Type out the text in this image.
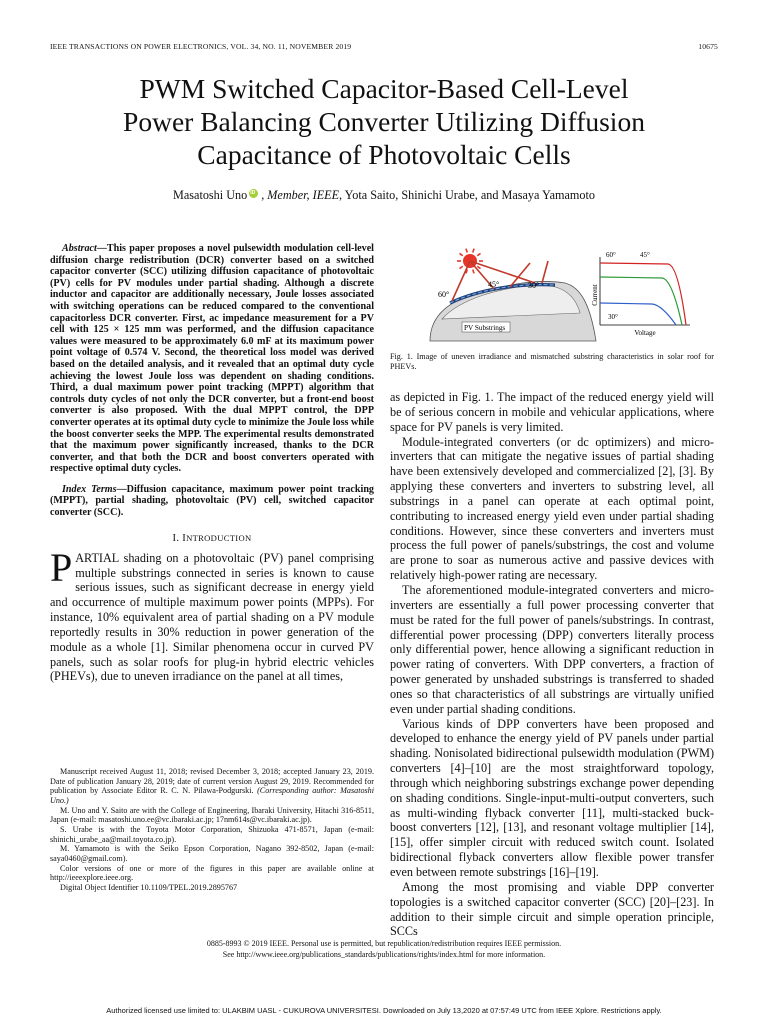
IEEE TRANSACTIONS ON POWER ELECTRONICS, VOL. 34, NO. 11, NOVEMBER 2019	10675
PWM Switched Capacitor-Based Cell-Level
Power Balancing Converter Utilizing Diffusion
Capacitance of Photovoltaic Cells
Masatoshi UnoiD , Member, IEEE, Yota Saito, Shinichi Urabe, and Masaya Yamamoto

Abstract—This paper proposes a novel pulsewidth modulation cell-level diffusion charge redistribution (DCR) converter based on a switched capacitor converter (SCC) utilizing diffusion capacitance of photovoltaic (PV) cells for PV modules under partial shading. Although a discrete inductor and capacitor are additionally necessary, Joule losses associated with switching operations can be reduced compared to the conventional capacitorless DCR converter. First, ac impedance measurement for a PV cell with 125 × 125 mm was performed, and the diffusion capacitance values were measured to be approximately 6.0 mF at its maximum power point voltage of 0.574 V. Second, the theoretical loss model was derived based on the detailed analysis, and it revealed that an optimal duty cycle achieving the lowest Joule loss was dependent on shading conditions. Third, a dual maximum power point tracking (MPPT) algorithm that controls duty cycles of not only the DCR converter, but a front-end boost converter is also proposed. With the dual MPPT control, the DPP converter operates at its optimal duty cycle to minimize the Joule loss while the boost converter seeks the MPP. The experimental results demonstrated that the maximum power significantly increased, thanks to the DCR converter, and that both the DCR and boost converters operated with respective optimal duty cycles.

Index Terms—Diffusion capacitance, maximum power point tracking (MPPT), partial shading, photovoltaic (PV) cell, switched capacitor converter (SCC).

I. INTRODUCTION

PARTIAL shading on a photovoltaic (PV) panel comprising multiple substrings connected in series is known to cause serious issues, such as significant decrease in energy yield and occurrence of multiple maximum power points (MPPs). For instance, 10% equivalent area of partial shading on a PV module reportedly results in 30% reduction in power generation of the module as a whole [1]. Similar phenomena occur in curved PV panels, such as solar roofs for plug-in hybrid electric vehicles (PHEVs), due to uneven irradiance on the panel at all times,

Manuscript received August 11, 2018; revised December 3, 2018; accepted January 23, 2019. Date of publication January 28, 2019; date of current version August 29, 2019. Recommended for publication by Associate Editor R. C. N. Pilawa-Podgurski. (Corresponding author: Masatoshi Uno.)

M. Uno and Y. Saito are with the College of Engineering, Ibaraki University, Hitachi 316-8511, Japan (e-mail: masatoshi.uno.ee@vc.ibaraki.ac.jp; 17nm614s@vc.ibaraki.ac.jp).

S. Urabe is with the Toyota Motor Corporation, Shizuoka 471-8571, Japan (e-mail: shinichi_urabe_aa@mail.toyota.co.jp).

M. Yamamoto is with the Seiko Epson Corporation, Nagano 392-8502, Japan (e-mail: saya0460@gmail.com).

Color versions of one or more of the figures in this paper are available online at http://ieeexplore.ieee.org.

Digital Object Identifier 10.1109/TPEL.2019.2895767

60°
45°	30°
PV Substrings
Current
Voltage
60°	45°
30°
Fig. 1. Image of uneven irradiance and mismatched substring characteristics in solar roof for PHEVs.

as depicted in Fig. 1. The impact of the reduced energy yield will be of serious concern in mobile and vehicular applications, where space for PV panels is very limited.

Module-integrated converters (or dc optimizers) and micro-inverters that can mitigate the negative issues of partial shading have been extensively developed and commercialized [2], [3]. By applying these converters and inverters to substring level, all substrings in a panel can operate at each optimal point, contributing to increased energy yield even under partial shading conditions. However, since these converters and inverters must process the full power of panels/substrings, the cost and volume are prone to soar as numerous active and passive devices with relatively high-power rating are necessary.

The aforementioned module-integrated converters and micro-inverters are essentially a full power processing converter that must be rated for the full power of panels/substrings. In contrast, differential power processing (DPP) converters literally process only differential power, hence allowing a significant reduction in power rating of converters. With DPP converters, a fraction of power generated by unshaded substrings is transferred to shaded ones so that characteristics of all substrings are virtually unified even under partial shading conditions.

Various kinds of DPP converters have been proposed and developed to enhance the energy yield of PV panels under partial shading. Nonisolated bidirectional pulsewidth modulation (PWM) converters [4]–[10] are the most straightforward topology, through which neighboring substrings exchange power depending on shading conditions. Single-input-multi-output converters, such as multi-winding flyback converter [11], multi-stacked buck-boost converters [12], [13], and resonant voltage multiplier [14], [15], offer simpler circuit with reduced switch count. Isolated bidirectional flyback converters allow flexible power transfer even between remote substrings [16]–[19].

Among the most promising and viable DPP converter topologies is a switched capacitor converter (SCC) [20]–[23]. In addition to their simple circuit and simple operation principle, SCCs

0885-8993 © 2019 IEEE. Personal use is permitted, but republication/redistribution requires IEEE permission.
See http://www.ieee.org/publications_standards/publications/rights/index.html for more information.
Authorized licensed use limited to: ULAKBIM UASL - CUKUROVA UNIVERSITESI. Downloaded on July 13,2020 at 07:57:49 UTC from IEEE Xplore. Restrictions apply.
